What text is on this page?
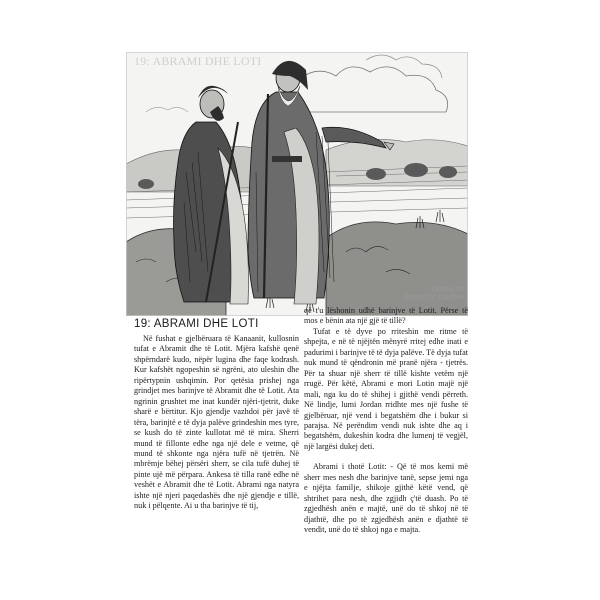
19: ABRAMI DHE LOTI
Gospel for
Gospel for Children
19: ABRAMI DHE LOTI

Në fushat e gjelbëruara të Kanaanit, kullosnin tufat e Abramit dhe të Lotit. Mjëra kafshë qenë shpërndarë kudo, nëpër lugina dhe faqe kodrash. Kur kafshët ngopeshin së ngrëni, ato uleshin dhe ripërtypnin ushqimin. Por qetësia prishej nga grindjet mes barinjve të Abramit dhe të Lotit. Ata ngrinin grushtet me inat kundër njëri-tjetrit, duke sharë e bërtitur. Kjo gjendje vazhdoi për javë të tëra, barinjtë e të dyja palëve grindeshin mes tyre, se kush do të zinte kullotat më të mira. Sherri mund të fillonte edhe nga një dele e vetme, që mund të shkonte nga njëra tufë në tjetrën. Në mbrëmje bëhej përsëri sherr, se cila tufë duhej të pinte ujë më përpara. Ankesa të tilla ranë edhe në veshët e Abramit dhe të Lotit. Abrami nga natyra ishte një njeri paqedashës dhe një gjendje e tillë, nuk i pëlqente. Ai u tha barinjve të tij,

që t'u lëshonin udhë barinjve të Lotit. Përse të mos e bënin ata një gjë të tillë?

Tufat e të dyve po rriteshin me ritme të shpejta, e në të njëjtën mënyrë rritej edhe inati e padurimi i barinjve të të dyja palëve. Të dyja tufat nuk mund të qëndronin më pranë njëra - tjetrës. Për ta shuar një sherr të tillë kishte vetëm një rrugë. Për këtë, Abrami e mori Lotin majë një mali, nga ku do të shihej i gjithë vendi përreth. Në lindje, lumi Jordan rridhte mes një fushe të gjelbëruar, një vend i begatshëm dhe i bukur si parajsa. Në perëndim vendi nuk ishte dhe aq i begatshëm, dukeshin kodra dhe lumenj të vegjël, një largësi dukej deti.

Abrami i thotë Lotit: - Që të mos kemi më sherr mes nesh dhe barinjve tanë, sepse jemi nga e njëjta familje, shikoje gjithë këtë vend, që shtrihet para nesh, dhe zgjidh ç'të duash. Po të zgjedhësh anën e majtë, unë do të shkoj në të djathtë, dhe po të zgjedhësh anën e djathtë të vendit, unë do të shkoj nga e majta.
